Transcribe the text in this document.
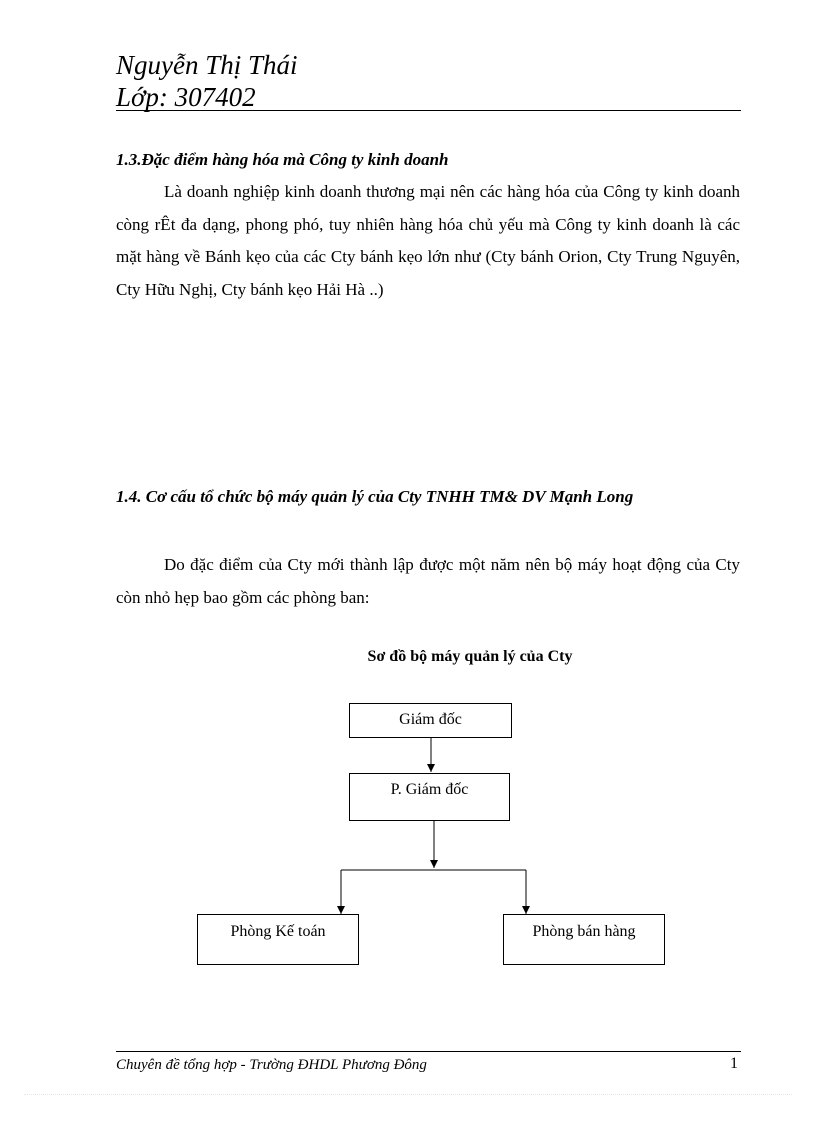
Nguyễn Thị Thái
Lớp: 307402
1.3.Đặc điểm hàng hóa mà Công ty kinh doanh
Là doanh nghiệp kinh doanh thương mại nên các hàng hóa của Công ty kinh doanh còng rÊt đa dạng, phong phó, tuy nhiên hàng hóa chủ yếu mà Công ty kinh doanh là các mặt hàng về Bánh kẹo của các Cty bánh kẹo lớn như (Cty bánh Orion, Cty Trung Nguyên, Cty Hữu Nghị, Cty bánh kẹo Hải Hà ..)
1.4. Cơ cấu tổ chức bộ máy quản lý của Cty TNHH TM& DV Mạnh Long
Do đặc điểm của Cty mới thành lập được một năm nên bộ máy hoạt động của Cty còn nhỏ hẹp bao gồm các phòng ban:
Sơ đồ bộ máy quản lý của Cty
Giám đốc
P. Giám đốc
Phòng Kế toán	Phòng bán hàng
Chuyên đề tổng hợp - Trường ĐHDL Phương Đông	1
